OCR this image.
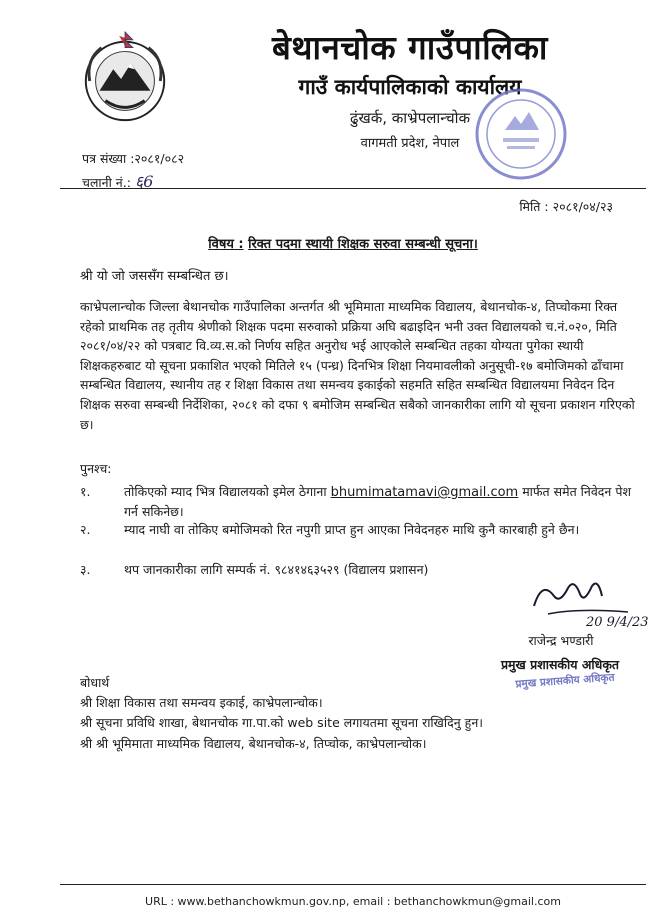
बेथानचोक गाउँपालिका
गाउँ कार्यपालिकाको कार्यालय
ढुंखर्क, काभ्रेपलान्चोक
वागमती प्रदेश, नेपाल
पत्र संख्या :२०८१/०८२
चलानी नं.: ६6
मिति : २०८१/०४/२३
विषय : रिक्त पदमा स्थायी शिक्षक सरुवा सम्बन्धी सूचना।
श्री यो जो जससँग सम्बन्धित छ।
काभ्रेपलान्चोक जिल्ला बेथानचोक गाउँपालिका अन्तर्गत श्री भूमिमाता माध्यमिक विद्यालय, बेथानचोक-४, तिप्चोकमा रिक्त रहेको प्राथमिक तह तृतीय श्रेणीको शिक्षक पदमा सरुवाको प्रक्रिया अघि बढाइदिन भनी उक्त विद्यालयको च.नं.०२०, मिति २०८१/०४/२२ को पत्रबाट वि.व्य.स.को निर्णय सहित अनुरोध भई आएकोले सम्बन्धित तहका योग्यता पुगेका स्थायी शिक्षकहरुबाट यो सूचना प्रकाशित भएको मितिले १५ (पन्ध्र) दिनभित्र शिक्षा नियमावलीको अनुसूची-१७ बमोजिमको ढाँचामा सम्बन्धित विद्यालय, स्थानीय तह र शिक्षा विकास तथा समन्वय इकाईको सहमति सहित सम्बन्धित विद्यालयमा निवेदन दिन शिक्षक सरुवा सम्बन्धी निर्देशिका, २०८१ को दफा ९ बमोजिम सम्बन्धित सबैको जानकारीका लागि यो सूचना प्रकाशन गरिएको छ।
पुनश्च:
१.	तोकिएको म्याद भित्र विद्यालयको इमेल ठेगाना bhumimatamavi@gmail.com मार्फत समेत निवेदन पेश गर्न सकिनेछ।
२.	म्याद नाघी वा तोकिए बमोजिमको रित नपुगी प्राप्त हुन आएका निवेदनहरु माथि कुनै कारबाही हुने छैन।
३.	थप जानकारीका लागि सम्पर्क नं. ९८४१४६३५२९ (विद्यालय प्रशासन)
20 9/4/23
राजेन्द्र भण्डारी
प्रमुख प्रशासकीय अधिकृत
प्रमुख प्रशासकीय अधिकृत
बोधार्थ
श्री शिक्षा विकास तथा समन्वय इकाई, काभ्रेपलान्चोक।
श्री सूचना प्रविधि शाखा, बेथानचोक गा.पा.को web site लगायतमा सूचना राखिदिनु हुन।
श्री श्री भूमिमाता माध्यमिक विद्यालय, बेथानचोक-४, तिप्चोक, काभ्रेपलान्चोक।
URL : www.bethanchowkmun.gov.np, email : bethanchowkmun@gmail.com
